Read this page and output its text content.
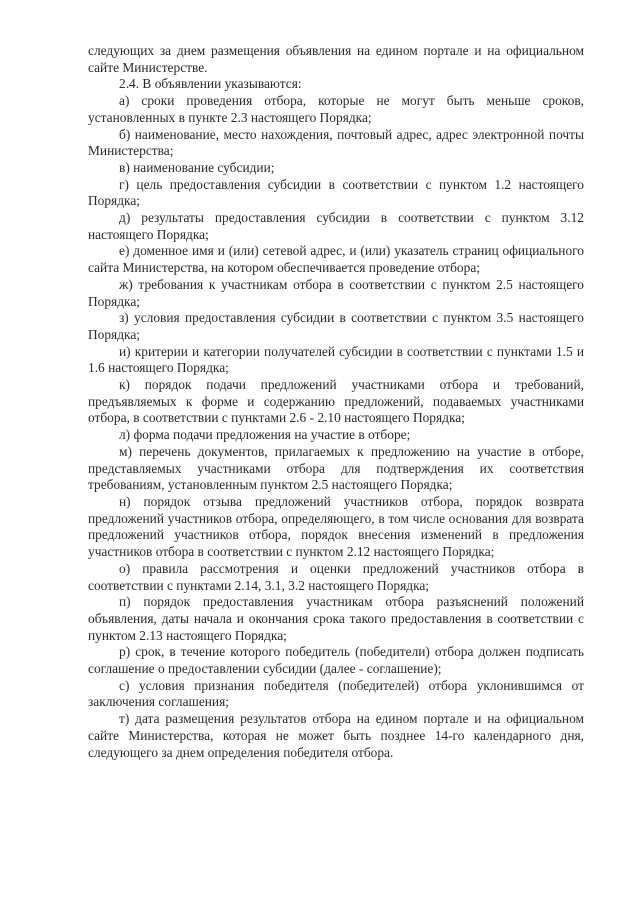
следующих за днем размещения объявления на едином портале и на официальном сайте Министерстве.

2.4. В объявлении указываются:

а) сроки проведения отбора, которые не могут быть меньше сроков, установленных в пункте 2.3 настоящего Порядка;

б) наименование, место нахождения, почтовый адрес, адрес электронной почты Министерства;

в) наименование субсидии;

г) цель предоставления субсидии в соответствии с пунктом 1.2 настоящего Порядка;

д) результаты предоставления субсидии в соответствии с пунктом 3.12 настоящего Порядка;

е) доменное имя и (или) сетевой адрес, и (или) указатель страниц официального сайта Министерства, на котором обеспечивается проведение отбора;

ж) требования к участникам отбора в соответствии с пунктом 2.5 настоящего Порядка;

з) условия предоставления субсидии в соответствии с пунктом 3.5 настоящего Порядка;

и) критерии и категории получателей субсидии в соответствии с пунктами 1.5 и 1.6 настоящего Порядка;

к) порядок подачи предложений участниками отбора и требований, предъявляемых к форме и содержанию предложений, подаваемых участниками отбора, в соответствии с пунктами 2.6 - 2.10 настоящего Порядка;

л) форма подачи предложения на участие в отборе;

м) перечень документов, прилагаемых к предложению на участие в отборе, представляемых участниками отбора для подтверждения их соответствия требованиям, установленным пунктом 2.5 настоящего Порядка;

н) порядок отзыва предложений участников отбора, порядок возврата предложений участников отбора, определяющего, в том числе основания для возврата предложений участников отбора, порядок внесения изменений в предложения участников отбора в соответствии с пунктом 2.12 настоящего Порядка;

о) правила рассмотрения и оценки предложений участников отбора в соответствии с пунктами 2.14, 3.1, 3.2 настоящего Порядка;

п) порядок предоставления участникам отбора разъяснений положений объявления, даты начала и окончания срока такого предоставления в соответствии с пунктом 2.13 настоящего Порядка;

р) срок, в течение которого победитель (победители) отбора должен подписать соглашение о предоставлении субсидии (далее - соглашение);

с) условия признания победителя (победителей) отбора уклонившимся от заключения соглашения;

т) дата размещения результатов отбора на едином портале и на официальном сайте Министерства, которая не может быть позднее 14-го календарного дня, следующего за днем определения победителя отбора.
